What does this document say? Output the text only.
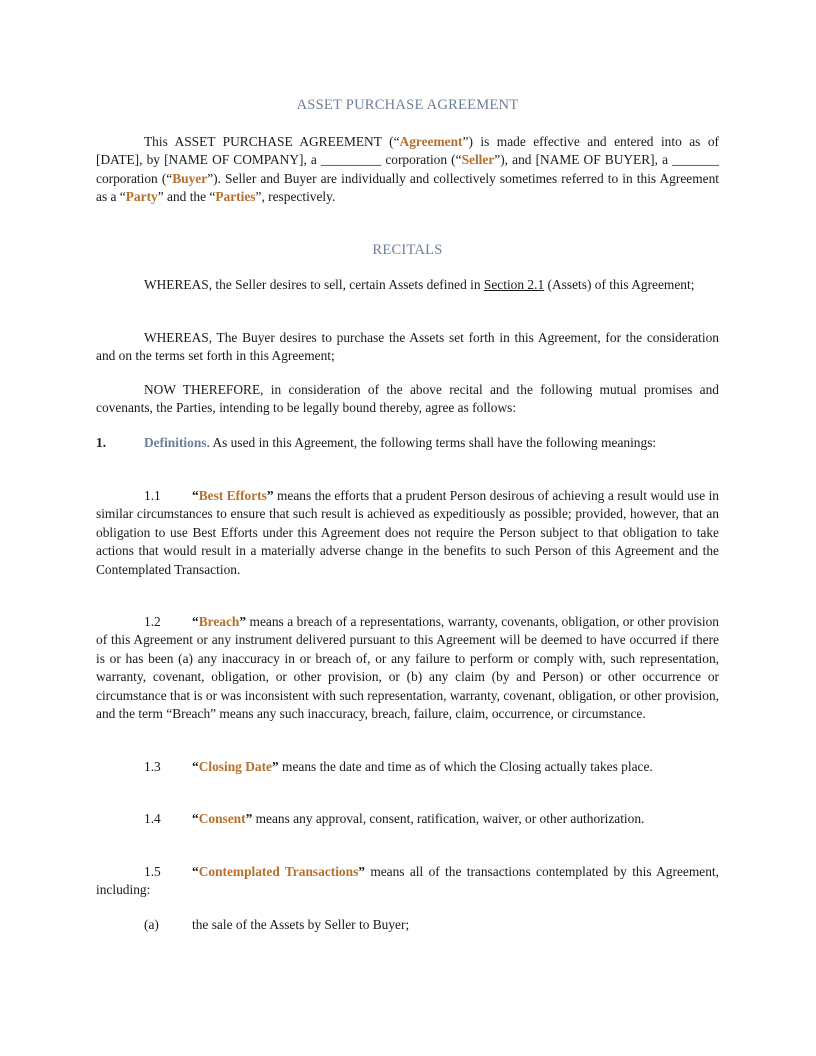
ASSET PURCHASE AGREEMENT
This ASSET PURCHASE AGREEMENT (“Agreement”) is made effective and entered into as of [DATE], by [NAME OF COMPANY], a _________ corporation (“Seller”), and [NAME OF BUYER], a _______ corporation (“Buyer”). Seller and Buyer are individually and collectively sometimes referred to in this Agreement as a “Party” and the “Parties”, respectively.
RECITALS
WHEREAS, the Seller desires to sell, certain Assets defined in Section 2.1 (Assets) of this Agreement;
WHEREAS, The Buyer desires to purchase the Assets set forth in this Agreement, for the consideration and on the terms set forth in this Agreement;
NOW THEREFORE, in consideration of the above recital and the following mutual promises and covenants, the Parties, intending to be legally bound thereby, agree as follows:
1.	Definitions. As used in this Agreement, the following terms shall have the following meanings:
1.1 “Best Efforts” means the efforts that a prudent Person desirous of achieving a result would use in similar circumstances to ensure that such result is achieved as expeditiously as possible; provided, however, that an obligation to use Best Efforts under this Agreement does not require the Person subject to that obligation to take actions that would result in a materially adverse change in the benefits to such Person of this Agreement and the Contemplated Transaction.
1.2 “Breach” means a breach of a representations, warranty, covenants, obligation, or other provision of this Agreement or any instrument delivered pursuant to this Agreement will be deemed to have occurred if there is or has been (a) any inaccuracy in or breach of, or any failure to perform or comply with, such representation, warranty, covenant, obligation, or other provision, or (b) any claim (by and Person) or other occurrence or circumstance that is or was inconsistent with such representation, warranty, covenant, obligation, or other provision, and the term “Breach” means any such inaccuracy, breach, failure, claim, occurrence, or circumstance.
1.3 “Closing Date” means the date and time as of which the Closing actually takes place.
1.4 “Consent” means any approval, consent, ratification, waiver, or other authorization.
1.5 “Contemplated Transactions” means all of the transactions contemplated by this Agreement, including:
(a) the sale of the Assets by Seller to Buyer;
